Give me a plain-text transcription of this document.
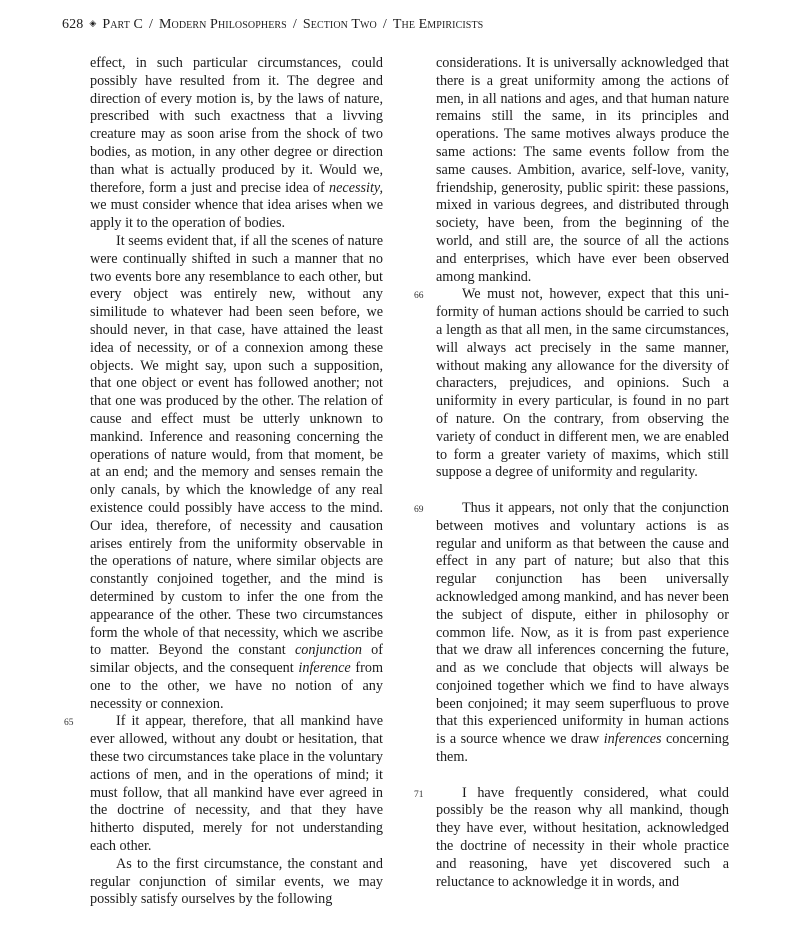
628 ◈ Part C / Modern Philosophers / Section Two / The Empiricists

effect, in such particular circumstances, could possibly have resulted from it. The degree and direction of every motion is, by the laws of nature, prescribed with such exactness that a livving creature may as soon arise from the shock of two bodies, as motion, in any other degree or direction than what is actually produced by it. Would we, therefore, form a just and precise idea of necessity, we must consider whence that idea arises when we apply it to the operation of bodies.

It seems evident that, if all the scenes of nature were continually shifted in such a manner that no two events bore any resemblance to each other, but every object was entirely new, without any similitude to whatever had been seen before, we should never, in that case, have attained the least idea of necessity, or of a connexion among these objects. We might say, upon such a supposition, that one object or event has followed another; not that one was produced by the other. The relation of cause and effect must be utterly unknown to mankind. Inference and reasoning concerning the operations of nature would, from that moment, be at an end; and the memory and senses remain the only canals, by which the knowledge of any real existence could possibly have access to the mind. Our idea, therefore, of necessity and causation arises entirely from the uniformity observable in the operations of nature, where similar objects are constantly conjoined together, and the mind is determined by custom to infer the one from the appearance of the other. These two circumstances form the whole of that necessity, which we ascribe to matter. Beyond the constant conjunction of similar objects, and the consequent inference from one to the other, we have no notion of any necessity or connexion.

65	If it appear, therefore, that all mankind have ever allowed, without any doubt or hesitation, that these two circumstances take place in the voluntary actions of men, and in the operations of mind; it must follow, that all mankind have ever agreed in the doctrine of necessity, and that they have hitherto disputed, merely for not understanding each other.

As to the first circumstance, the constant and regular conjunction of similar events, we may possibly satisfy ourselves by the following

considerations. It is universally acknowledged that there is a great uniformity among the actions of men, in all nations and ages, and that human nature remains still the same, in its principles and operations. The same motives always produce the same actions: The same events follow from the same causes. Ambition, avarice, self-love, vanity, friendship, generosity, public spirit: these passions, mixed in various degrees, and distributed through society, have been, from the beginning of the world, and still are, the source of all the actions and enterprises, which have ever been observed among mankind.

66	We must not, however, expect that this uniformity of human actions should be carried to such a length as that all men, in the same circumstances, will always act precisely in the same manner, without making any allowance for the diversity of characters, prejudices, and opinions. Such a uniformity in every particular, is found in no part of nature. On the contrary, from observing the variety of conduct in different men, we are enabled to form a greater variety of maxims, which still suppose a degree of uniformity and regularity.

69	Thus it appears, not only that the conjunction between motives and voluntary actions is as regular and uniform as that between the cause and effect in any part of nature; but also that this regular conjunction has been universally acknowledged among mankind, and has never been the subject of dispute, either in philosophy or common life. Now, as it is from past experience that we draw all inferences concerning the future, and as we conclude that objects will always be conjoined together which we find to have always been conjoined; it may seem superfluous to prove that this experienced uniformity in human actions is a source whence we draw inferences concerning them.

71	I have frequently considered, what could possibly be the reason why all mankind, though they have ever, without hesitation, acknowledged the doctrine of necessity in their whole practice and reasoning, have yet discovered such a reluctance to acknowledge it in words, and
